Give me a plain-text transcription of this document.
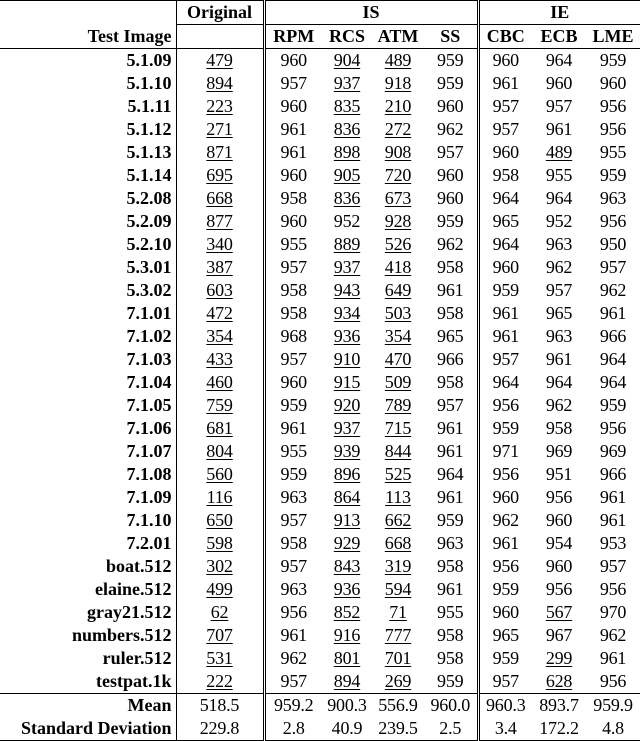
	Original	IS				IE		
Test Image		RPM	RCS	ATM	SS	CBC	ECB	LME
5.1.09	479	960	904	489	959	960	964	959
5.1.10	894	957	937	918	959	961	960	960
5.1.11	223	960	835	210	960	957	957	956
5.1.12	271	961	836	272	962	957	961	956
5.1.13	871	961	898	908	957	960	489	955
5.1.14	695	960	905	720	960	958	955	959
5.2.08	668	958	836	673	960	964	964	963
5.2.09	877	960	952	928	959	965	952	956
5.2.10	340	955	889	526	962	964	963	950
5.3.01	387	957	937	418	958	960	962	957
5.3.02	603	958	943	649	961	959	957	962
7.1.01	472	958	934	503	958	961	965	961
7.1.02	354	968	936	354	965	961	963	966
7.1.03	433	957	910	470	966	957	961	964
7.1.04	460	960	915	509	958	964	964	964
7.1.05	759	959	920	789	957	956	962	959
7.1.06	681	961	937	715	961	959	958	956
7.1.07	804	955	939	844	961	971	969	969
7.1.08	560	959	896	525	964	956	951	966
7.1.09	116	963	864	113	961	960	956	961
7.1.10	650	957	913	662	959	962	960	961
7.2.01	598	958	929	668	963	961	954	953
boat.512	302	957	843	319	958	956	960	957
elaine.512	499	963	936	594	961	959	956	956
gray21.512	62	956	852	71	955	960	567	970
numbers.512	707	961	916	777	958	965	967	962
ruler.512	531	962	801	701	958	959	299	961
testpat.1k	222	957	894	269	959	957	628	956
Mean	518.5	959.2	900.3	556.9	960.0	960.3	893.7	959.9
Standard Deviation	229.8	2.8	40.9	239.5	2.5	3.4	172.2	4.8
